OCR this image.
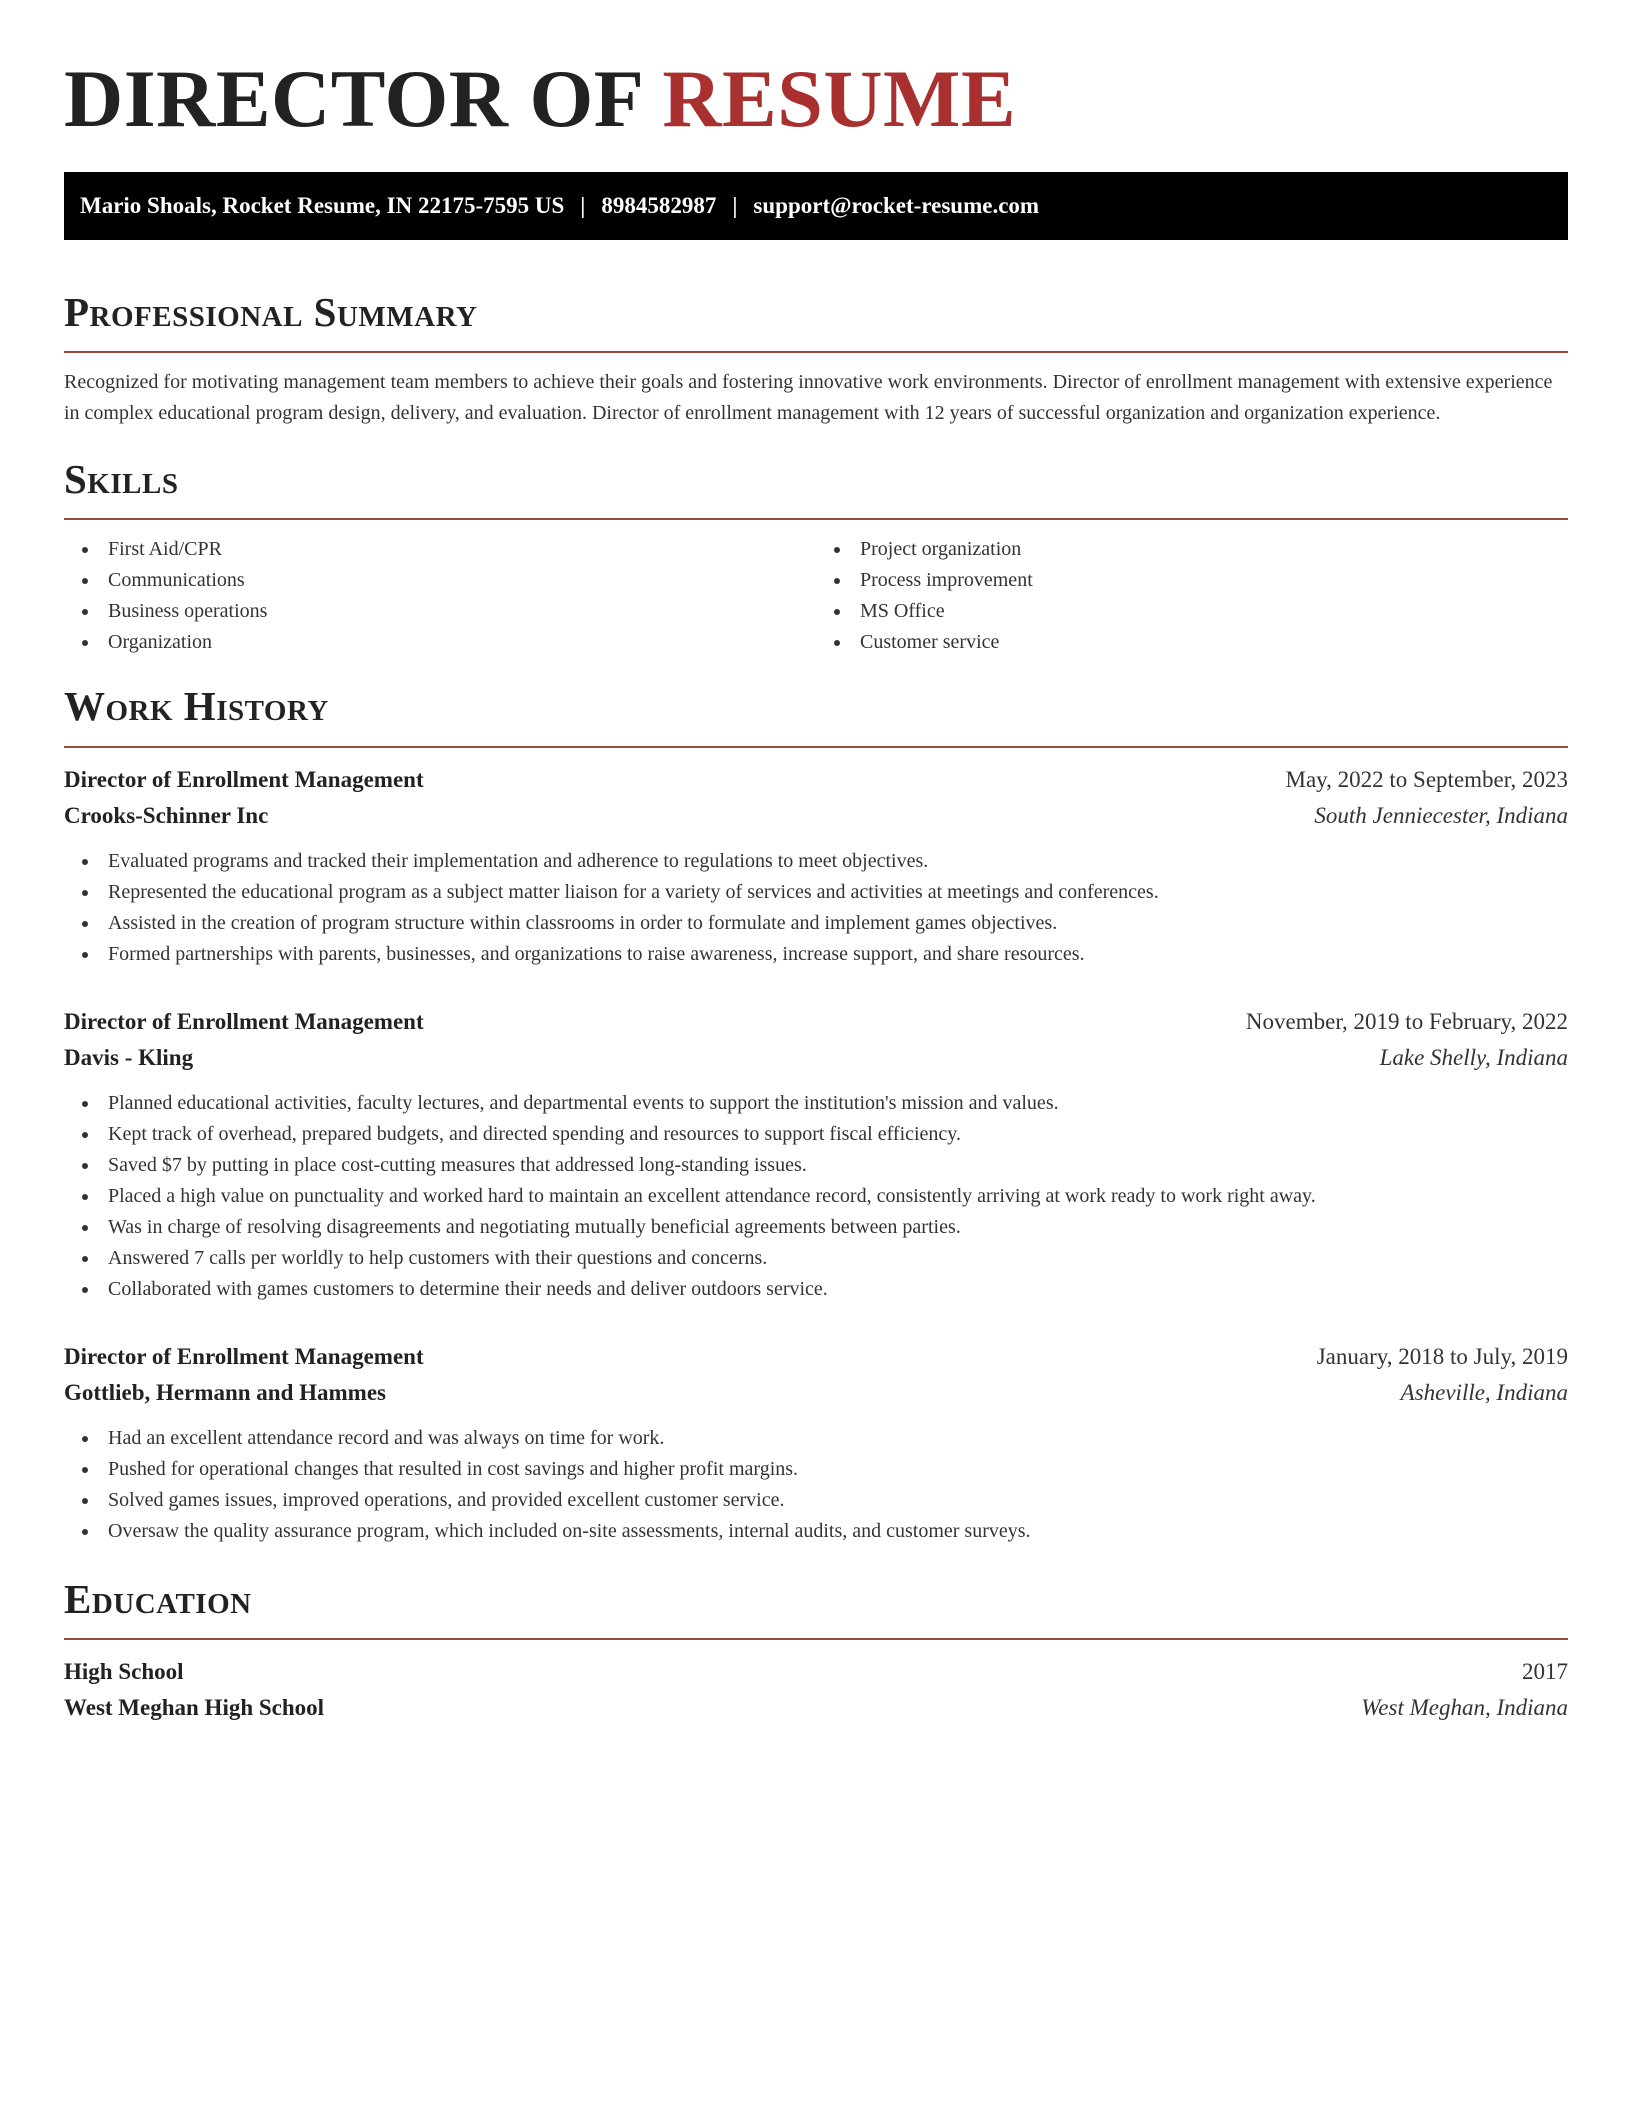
DIRECTOR OF RESUME
Mario Shoals, Rocket Resume, IN 22175-7595 US | 8984582987 | support@rocket-resume.com
Professional Summary

Recognized for motivating management team members to achieve their goals and fostering innovative work environments. Director of enrollment management with extensive experience in complex educational program design, delivery, and evaluation. Director of enrollment management with 12 years of successful organization and organization experience.

Skills
First Aid/CPR
Communications
Business operations
Organization
Project organization
Process improvement
MS Office
Customer service
Work History
Director of Enrollment Management	May, 2022 to September, 2023
Crooks-Schinner Inc	South Jenniecester, Indiana
Evaluated programs and tracked their implementation and adherence to regulations to meet objectives.
Represented the educational program as a subject matter liaison for a variety of services and activities at meetings and conferences.
Assisted in the creation of program structure within classrooms in order to formulate and implement games objectives.
Formed partnerships with parents, businesses, and organizations to raise awareness, increase support, and share resources.
Director of Enrollment Management	November, 2019 to February, 2022
Davis - Kling	Lake Shelly, Indiana
Planned educational activities, faculty lectures, and departmental events to support the institution's mission and values.
Kept track of overhead, prepared budgets, and directed spending and resources to support fiscal efficiency.
Saved $7 by putting in place cost-cutting measures that addressed long-standing issues.
Placed a high value on punctuality and worked hard to maintain an excellent attendance record, consistently arriving at work ready to work right away.
Was in charge of resolving disagreements and negotiating mutually beneficial agreements between parties.
Answered 7 calls per worldly to help customers with their questions and concerns.
Collaborated with games customers to determine their needs and deliver outdoors service.
Director of Enrollment Management	January, 2018 to July, 2019
Gottlieb, Hermann and Hammes	Asheville, Indiana
Had an excellent attendance record and was always on time for work.
Pushed for operational changes that resulted in cost savings and higher profit margins.
Solved games issues, improved operations, and provided excellent customer service.
Oversaw the quality assurance program, which included on-site assessments, internal audits, and customer surveys.
Education
High School	2017
West Meghan High School	West Meghan, Indiana
